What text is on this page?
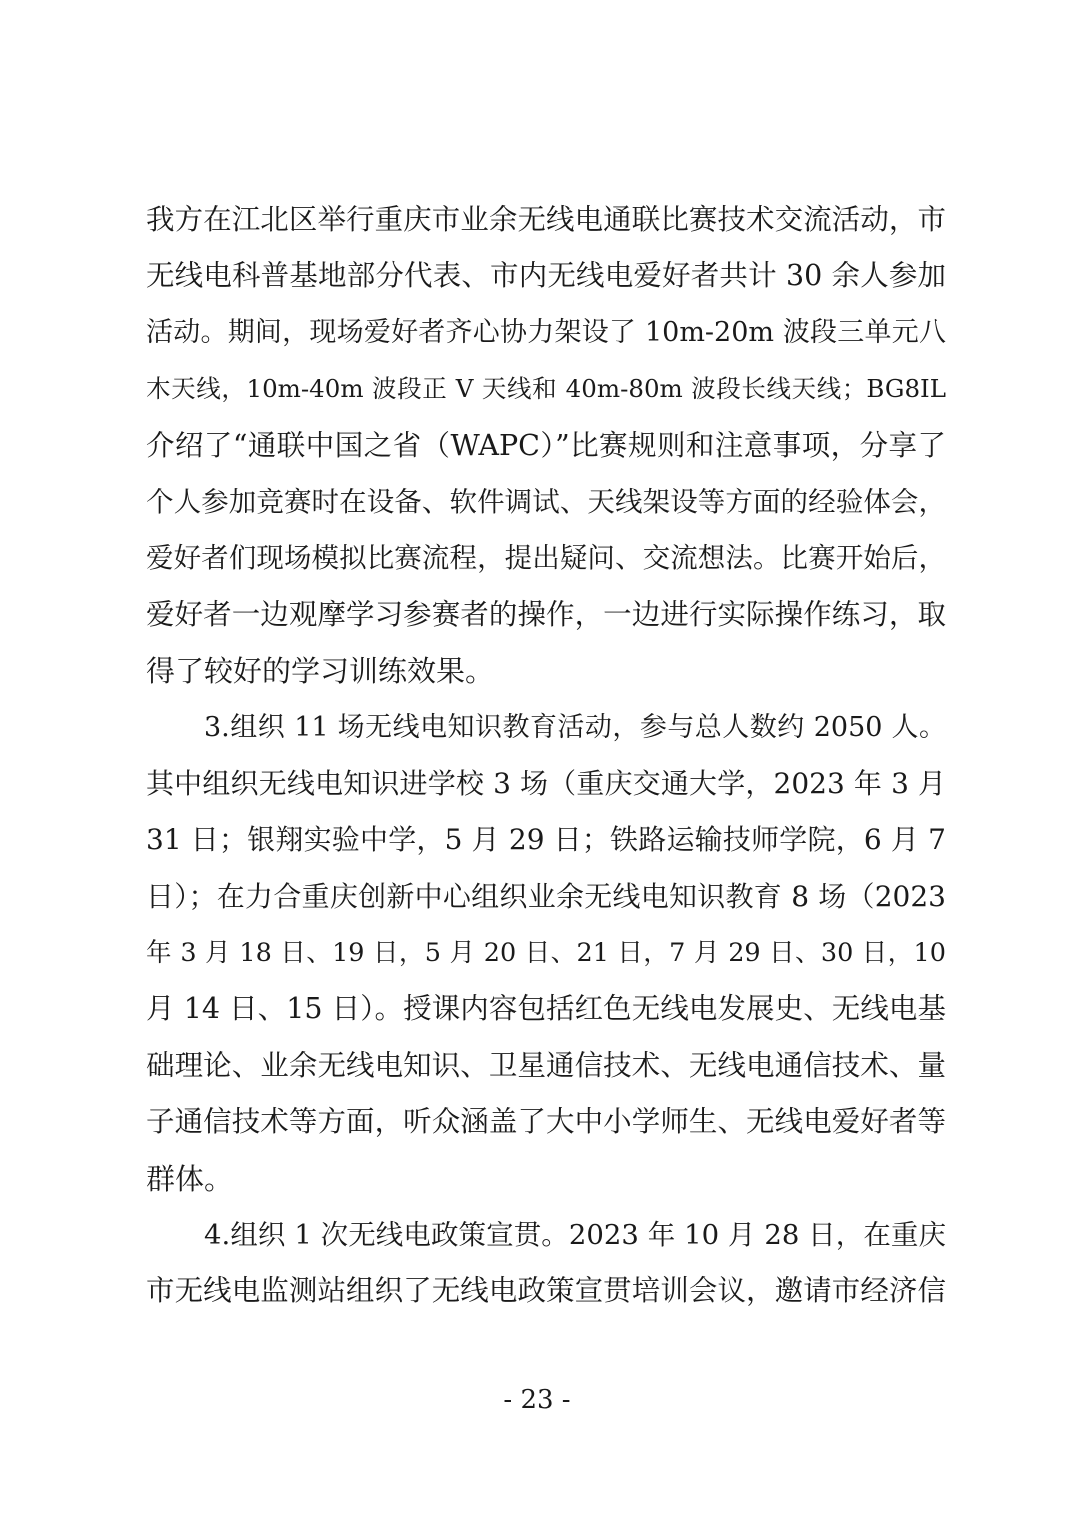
我方在江北区举行重庆市业余无线电通联比赛技术交流活动，市
无线电科普基地部分代表、市内无线电爱好者共计 30 余人参加
活动。期间，现场爱好者齐心协力架设了 10m-20m 波段三单元八
木天线，10m-40m 波段正 V 天线和 40m-80m 波段长线天线；BG8IL
介绍了“通联中国之省（WAPC）”比赛规则和注意事项，分享了
个人参加竞赛时在设备、软件调试、天线架设等方面的经验体会，
爱好者们现场模拟比赛流程，提出疑问、交流想法。比赛开始后，
爱好者一边观摩学习参赛者的操作，一边进行实际操作练习，取
得了较好的学习训练效果。
3.组织 11 场无线电知识教育活动，参与总人数约 2050 人。
其中组织无线电知识进学校 3 场（重庆交通大学，2023 年 3 月
31 日；银翔实验中学，5 月 29 日；铁路运输技师学院，6 月 7
日）；在力合重庆创新中心组织业余无线电知识教育 8 场（2023
年 3 月 18 日、19 日，5 月 20 日、21 日，7 月 29 日、30 日，10
月 14 日、15 日）。授课内容包括红色无线电发展史、无线电基
础理论、业余无线电知识、卫星通信技术、无线电通信技术、量
子通信技术等方面，听众涵盖了大中小学师生、无线电爱好者等
群体。
4.组织 1 次无线电政策宣贯。2023 年 10 月 28 日，在重庆
市无线电监测站组织了无线电政策宣贯培训会议，邀请市经济信
- 23 -
